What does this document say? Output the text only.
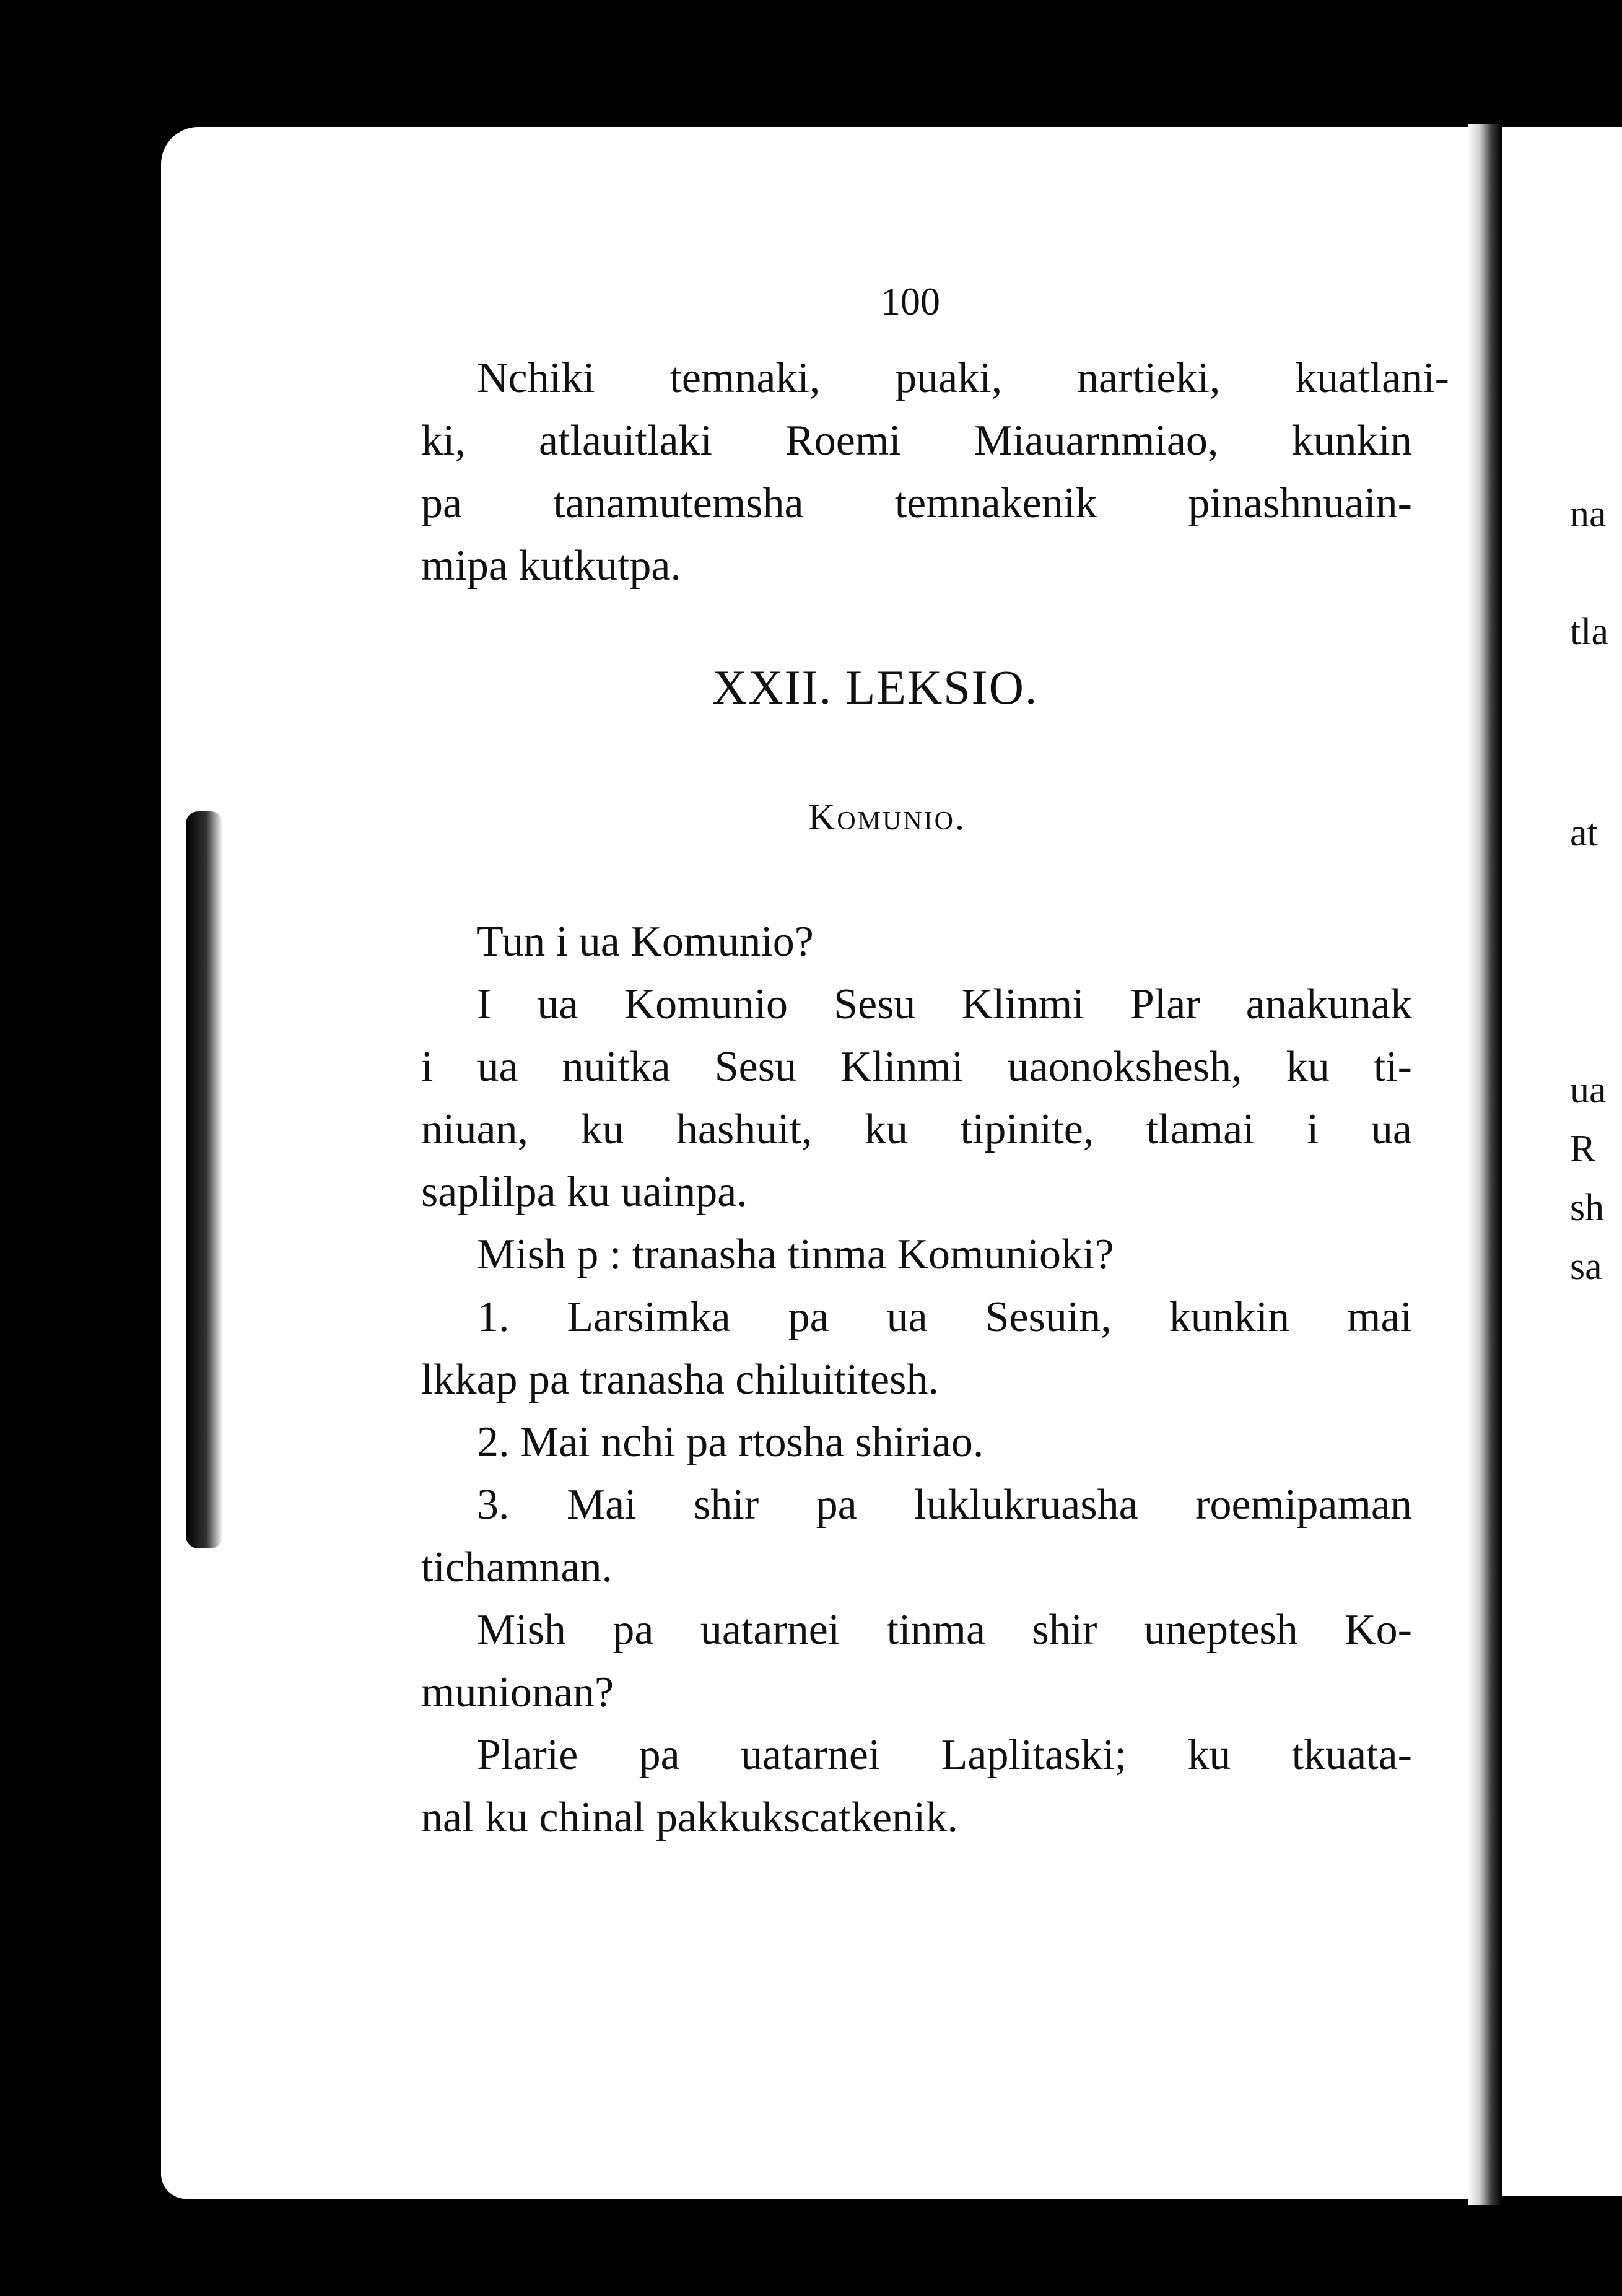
na
tla
at
ua
R
sh
sa
100
Nchiki temnaki, puaki, nartieki, kuatlani-
ki, atlauitlaki Roemi Miauarnmiao, kunkin
pa tanamutemsha temnakenik pinashnuain-
mipa kutkutpa.
XXII. LEKSIO.
Komunio.
Tun i ua Komunio?
I ua Komunio Sesu Klinmi Plar anakunak
i ua nuitka Sesu Klinmi uaonokshesh, ku ti-
niuan, ku hashuit, ku tipinite, tlamai i ua
saplilpa ku uainpa.
Mish p : tranasha tinma Komunioki?
1. Larsimka pa ua Sesuin, kunkin mai
lkkap pa tranasha chiluititesh.
2. Mai nchi pa rtosha shiriao.
3. Mai shir pa luklukruasha roemipaman
tichamnan.
Mish pa uatarnei tinma shir uneptesh Ko-
munionan?
Plarie pa uatarnei Laplitaski; ku tkuata-
nal ku chinal pakkukscatkenik.
